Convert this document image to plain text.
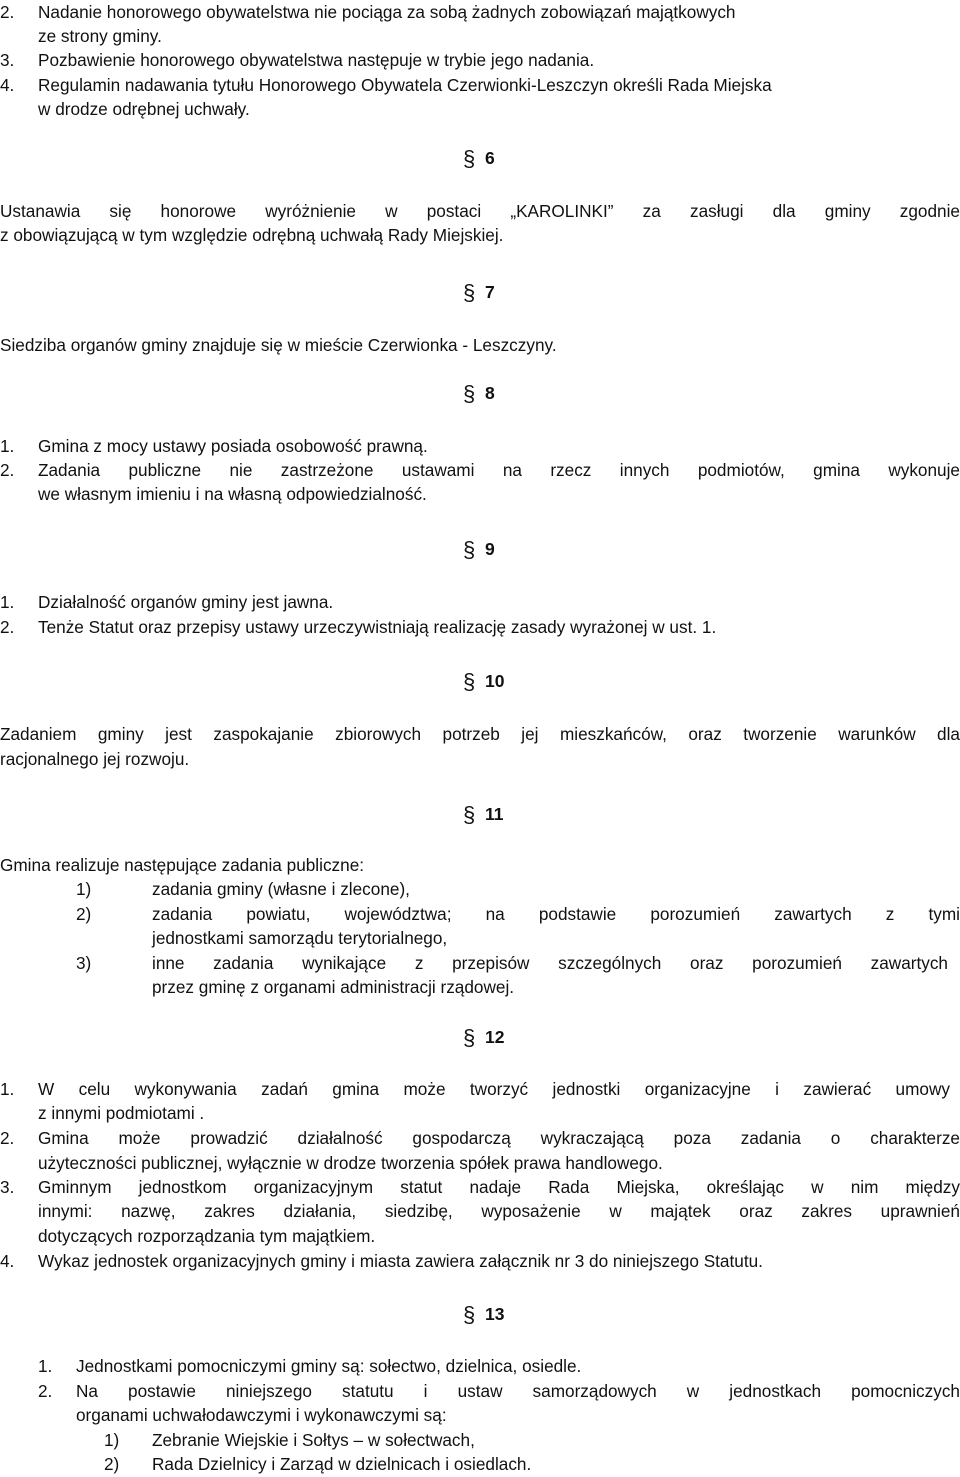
2. Nadanie honorowego obywatelstwa nie pociąga za sobą żadnych zobowiązań majątkowych
ze strony gminy.
3. Pozbawienie honorowego obywatelstwa następuje w trybie jego nadania.
4. Regulamin nadawania tytułu Honorowego Obywatela Czerwionki-Leszczyn określi Rada Miejska
w drodze odrębnej uchwały.
§6
Ustanawia się honorowe wyróżnienie w postaci „KAROLINKI” za zasługi dla gminy zgodnie
z obowiązującą w tym względzie odrębną uchwałą Rady Miejskiej.
§7
Siedziba organów gminy znajduje się w mieście Czerwionka - Leszczyny.
§8
1. Gmina z mocy ustawy posiada osobowość prawną.
2. Zadania publiczne nie zastrzeżone ustawami na rzecz innych podmiotów, gmina wykonuje
we własnym imieniu i na własną odpowiedzialność.
§9
1. Działalność organów gminy jest jawna.
2. Tenże Statut oraz przepisy ustawy urzeczywistniają realizację zasady wyrażonej w ust. 1.
§10
Zadaniem gminy jest zaspokajanie zbiorowych potrzeb jej mieszkańców, oraz tworzenie warunków dla
racjonalnego jej rozwoju.
§11
Gmina realizuje następujące zadania publiczne:
1)	zadania gminy (własne i zlecone),
2)	zadania powiatu, województwa; na podstawie porozumień zawartych z tymi
jednostkami samorządu terytorialnego,
3)	inne zadania wynikające z przepisów szczególnych oraz porozumień zawartych
przez gminę z organami administracji rządowej.
§12
1. W celu wykonywania zadań gmina może tworzyć jednostki organizacyjne i zawierać umowy
z innymi podmiotami .
2. Gmina może prowadzić działalność gospodarczą wykraczającą poza zadania o charakterze
użyteczności publicznej, wyłącznie w drodze tworzenia spółek prawa handlowego.
3. Gminnym jednostkom organizacyjnym statut nadaje Rada Miejska, określając w nim między
innymi: nazwę, zakres działania, siedzibę, wyposażenie w majątek oraz zakres uprawnień
dotyczących rozporządzania tym majątkiem.
4. Wykaz jednostek organizacyjnych gminy i miasta zawiera załącznik nr 3 do niniejszego Statutu.
§13
1. Jednostkami pomocniczymi gminy są: sołectwo, dzielnica, osiedle.
2. Na postawie niniejszego statutu i ustaw samorządowych w jednostkach pomocniczych
organami uchwałodawczymi i wykonawczymi są:
1) Zebranie Wiejskie i Sołtys – w sołectwach,
2) Rada Dzielnicy i Zarząd w dzielnicach i osiedlach.
